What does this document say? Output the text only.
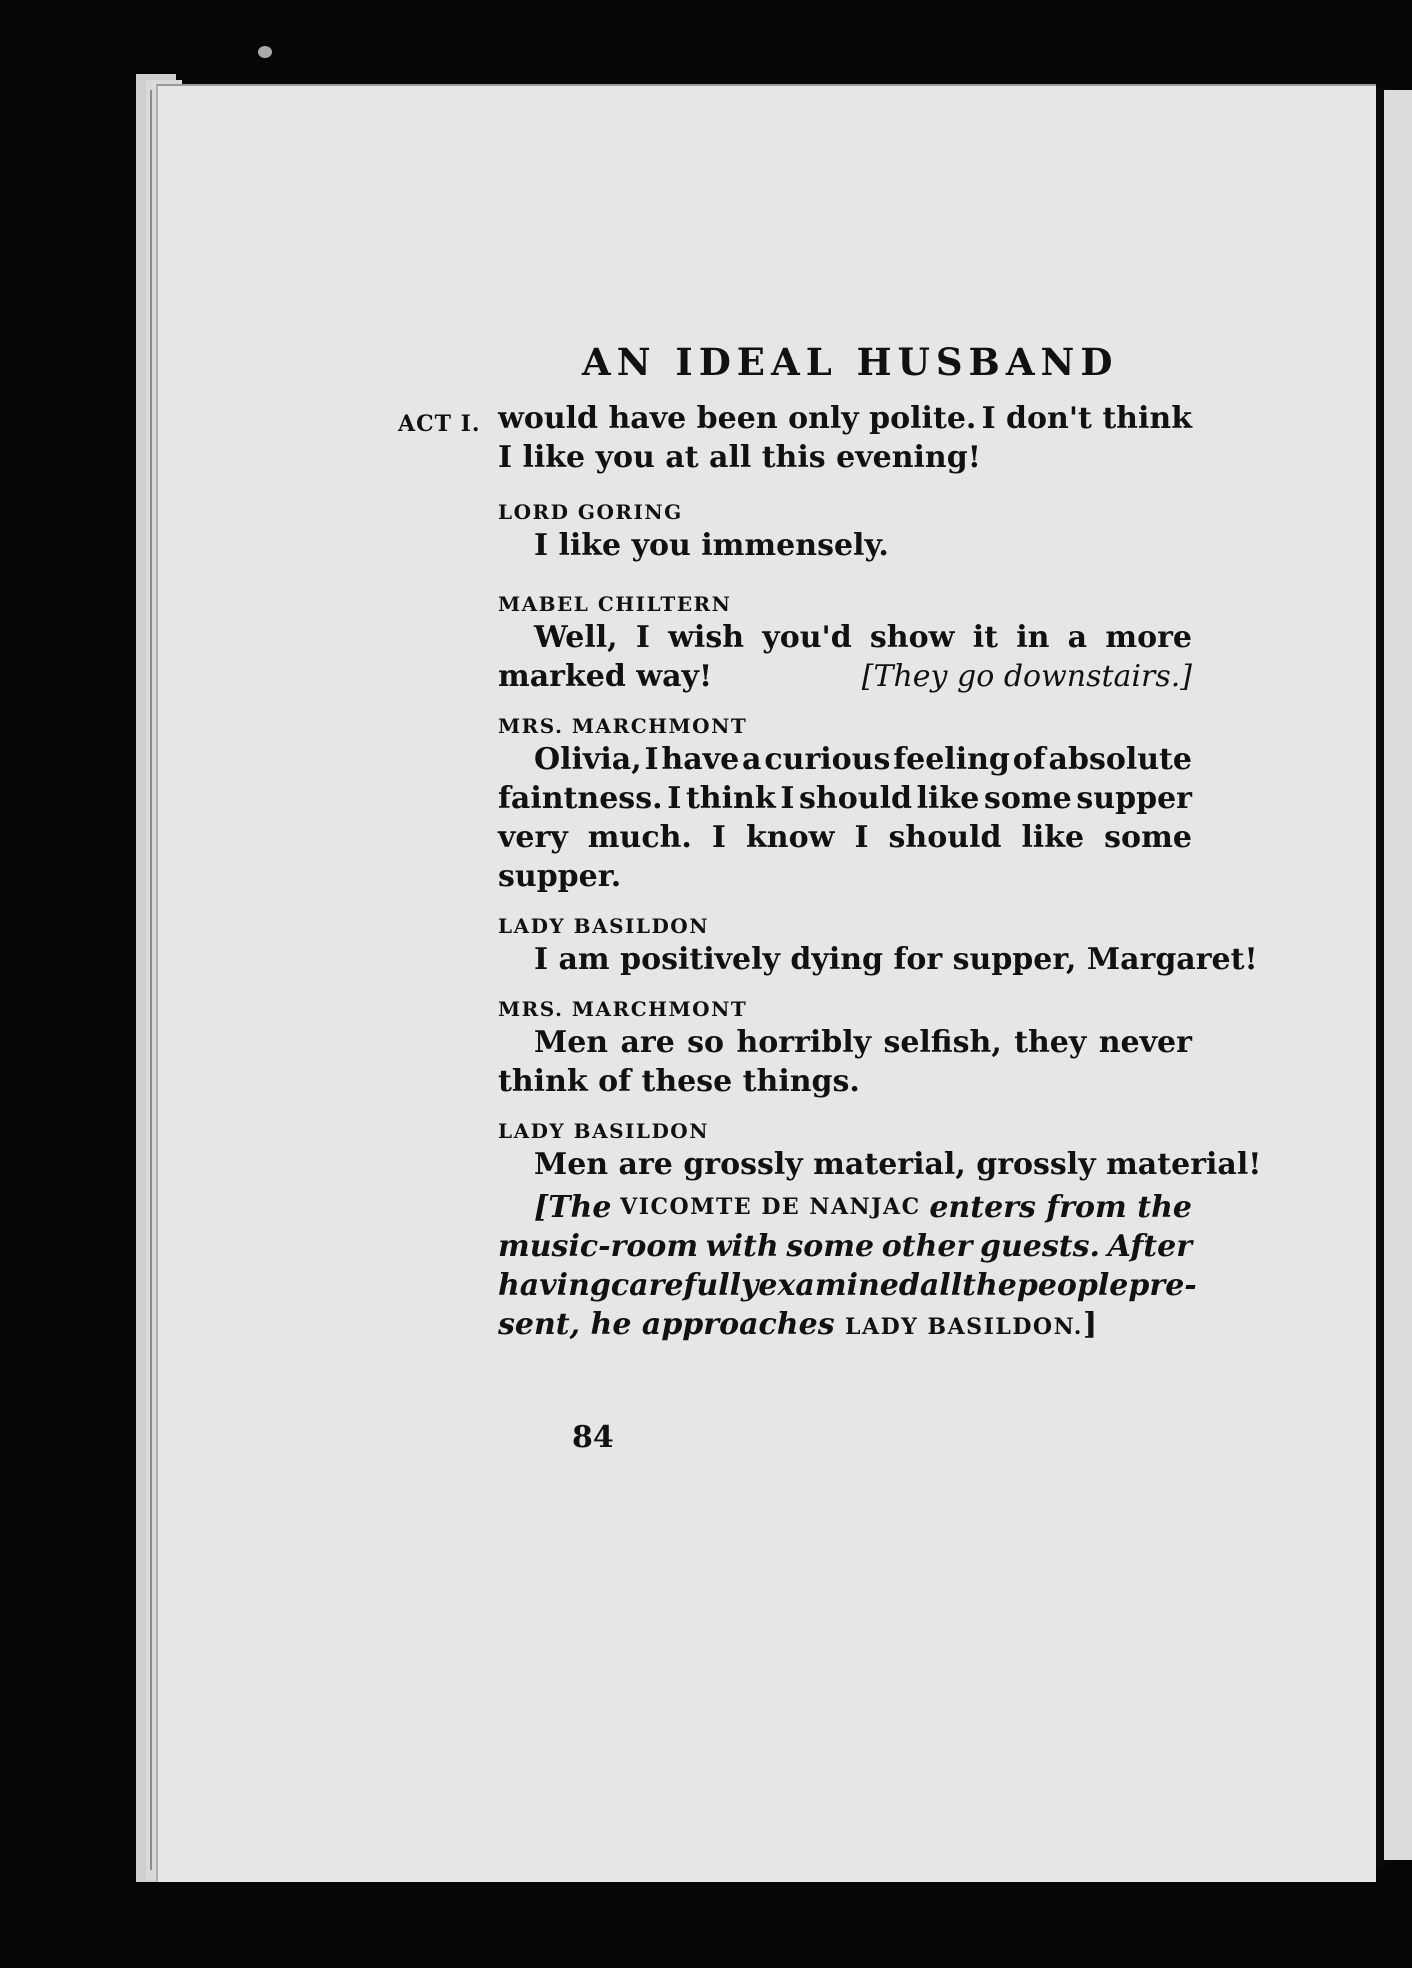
AN IDEAL HUSBAND
ACT I. would have been only polite. I don't think
I like you at all this evening!
LORD GORING
I like you immensely.
MABEL CHILTERN
Well, I wish you'd show it in a more
marked way!	[They go downstairs.]
MRS. MARCHMONT
Olivia, I have a curious feeling of absolute
faintness. I think I should like some supper
very much. I know I should like some
supper.
LADY BASILDON
I am positively dying for supper, Margaret!
MRS. MARCHMONT
Men are so horribly selfish, they never
think of these things.
LADY BASILDON
Men are grossly material, grossly material!
[The VICOMTE DE NANJAC enters from the
music-room with some other guests. After
having carefully examined all the people pre-
sent, he approaches LADY BASILDON.]
84
